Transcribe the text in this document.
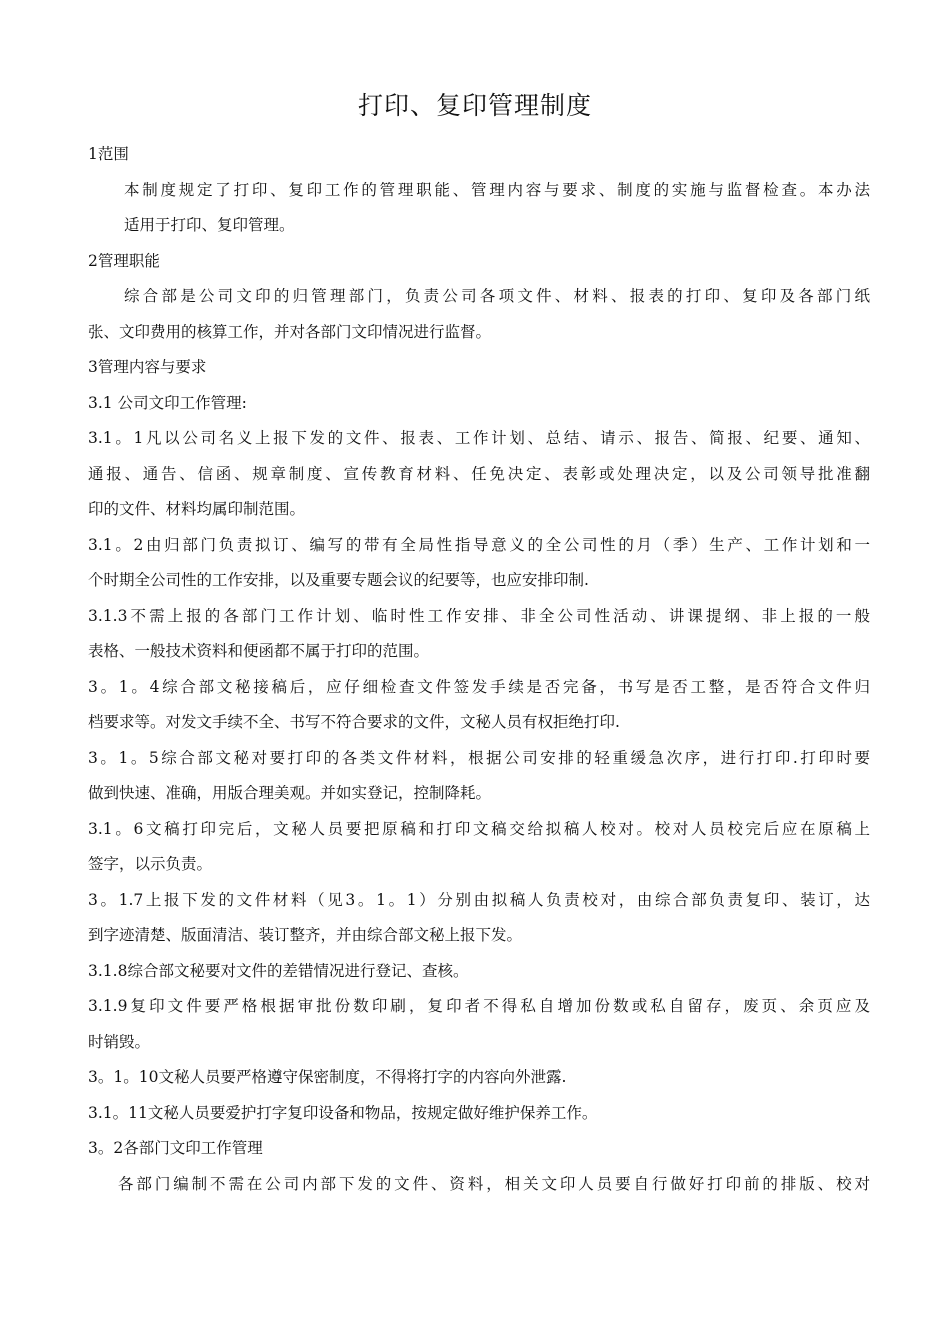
打印、复印管理制度
1范围
本制度规定了打印、复印工作的管理职能、管理内容与要求、制度的实施与监督检查。本办法
适用于打印、复印管理。
2管理职能
综合部是公司文印的归管理部门，负责公司各项文件、材料、报表的打印、复印及各部门纸
张、文印费用的核算工作，并对各部门文印情况进行监督。
3管理内容与要求
3.1 公司文印工作管理:
3.1。1凡以公司名义上报下发的文件、报表、工作计划、总结、请示、报告、简报、纪要、通知、
通报、通告、信函、规章制度、宣传教育材料、任免决定、表彰或处理决定，以及公司领导批准翻
印的文件、材料均属印制范围。
3.1。2由归部门负责拟订、编写的带有全局性指导意义的全公司性的月（季）生产、工作计划和一
个时期全公司性的工作安排，以及重要专题会议的纪要等，也应安排印制.
3.1.3不需上报的各部门工作计划、临时性工作安排、非全公司性活动、讲课提纲、非上报的一般
表格、一般技术资料和便函都不属于打印的范围。
3。1。4综合部文秘接稿后，应仔细检查文件签发手续是否完备，书写是否工整，是否符合文件归
档要求等。对发文手续不全、书写不符合要求的文件，文秘人员有权拒绝打印.
3。1。5综合部文秘对要打印的各类文件材料，根据公司安排的轻重缓急次序，进行打印.打印时要
做到快速、准确，用版合理美观。并如实登记，控制降耗。
3.1。6文稿打印完后，文秘人员要把原稿和打印文稿交给拟稿人校对。校对人员校完后应在原稿上
签字，以示负责。
3。1.7上报下发的文件材料（见3。1。1）分别由拟稿人负责校对，由综合部负责复印、装订，达
到字迹清楚、版面清洁、装订整齐，并由综合部文秘上报下发。
3.1.8综合部文秘要对文件的差错情况进行登记、查核。
3.1.9复印文件要严格根据审批份数印刷，复印者不得私自增加份数或私自留存，废页、余页应及
时销毁。
3。1。10文秘人员要严格遵守保密制度，不得将打字的内容向外泄露.
3.1。11文秘人员要爱护打字复印设备和物品，按规定做好维护保养工作。
3。2各部门文印工作管理
各部门编制不需在公司内部下发的文件、资料，相关文印人员要自行做好打印前的排版、校对
